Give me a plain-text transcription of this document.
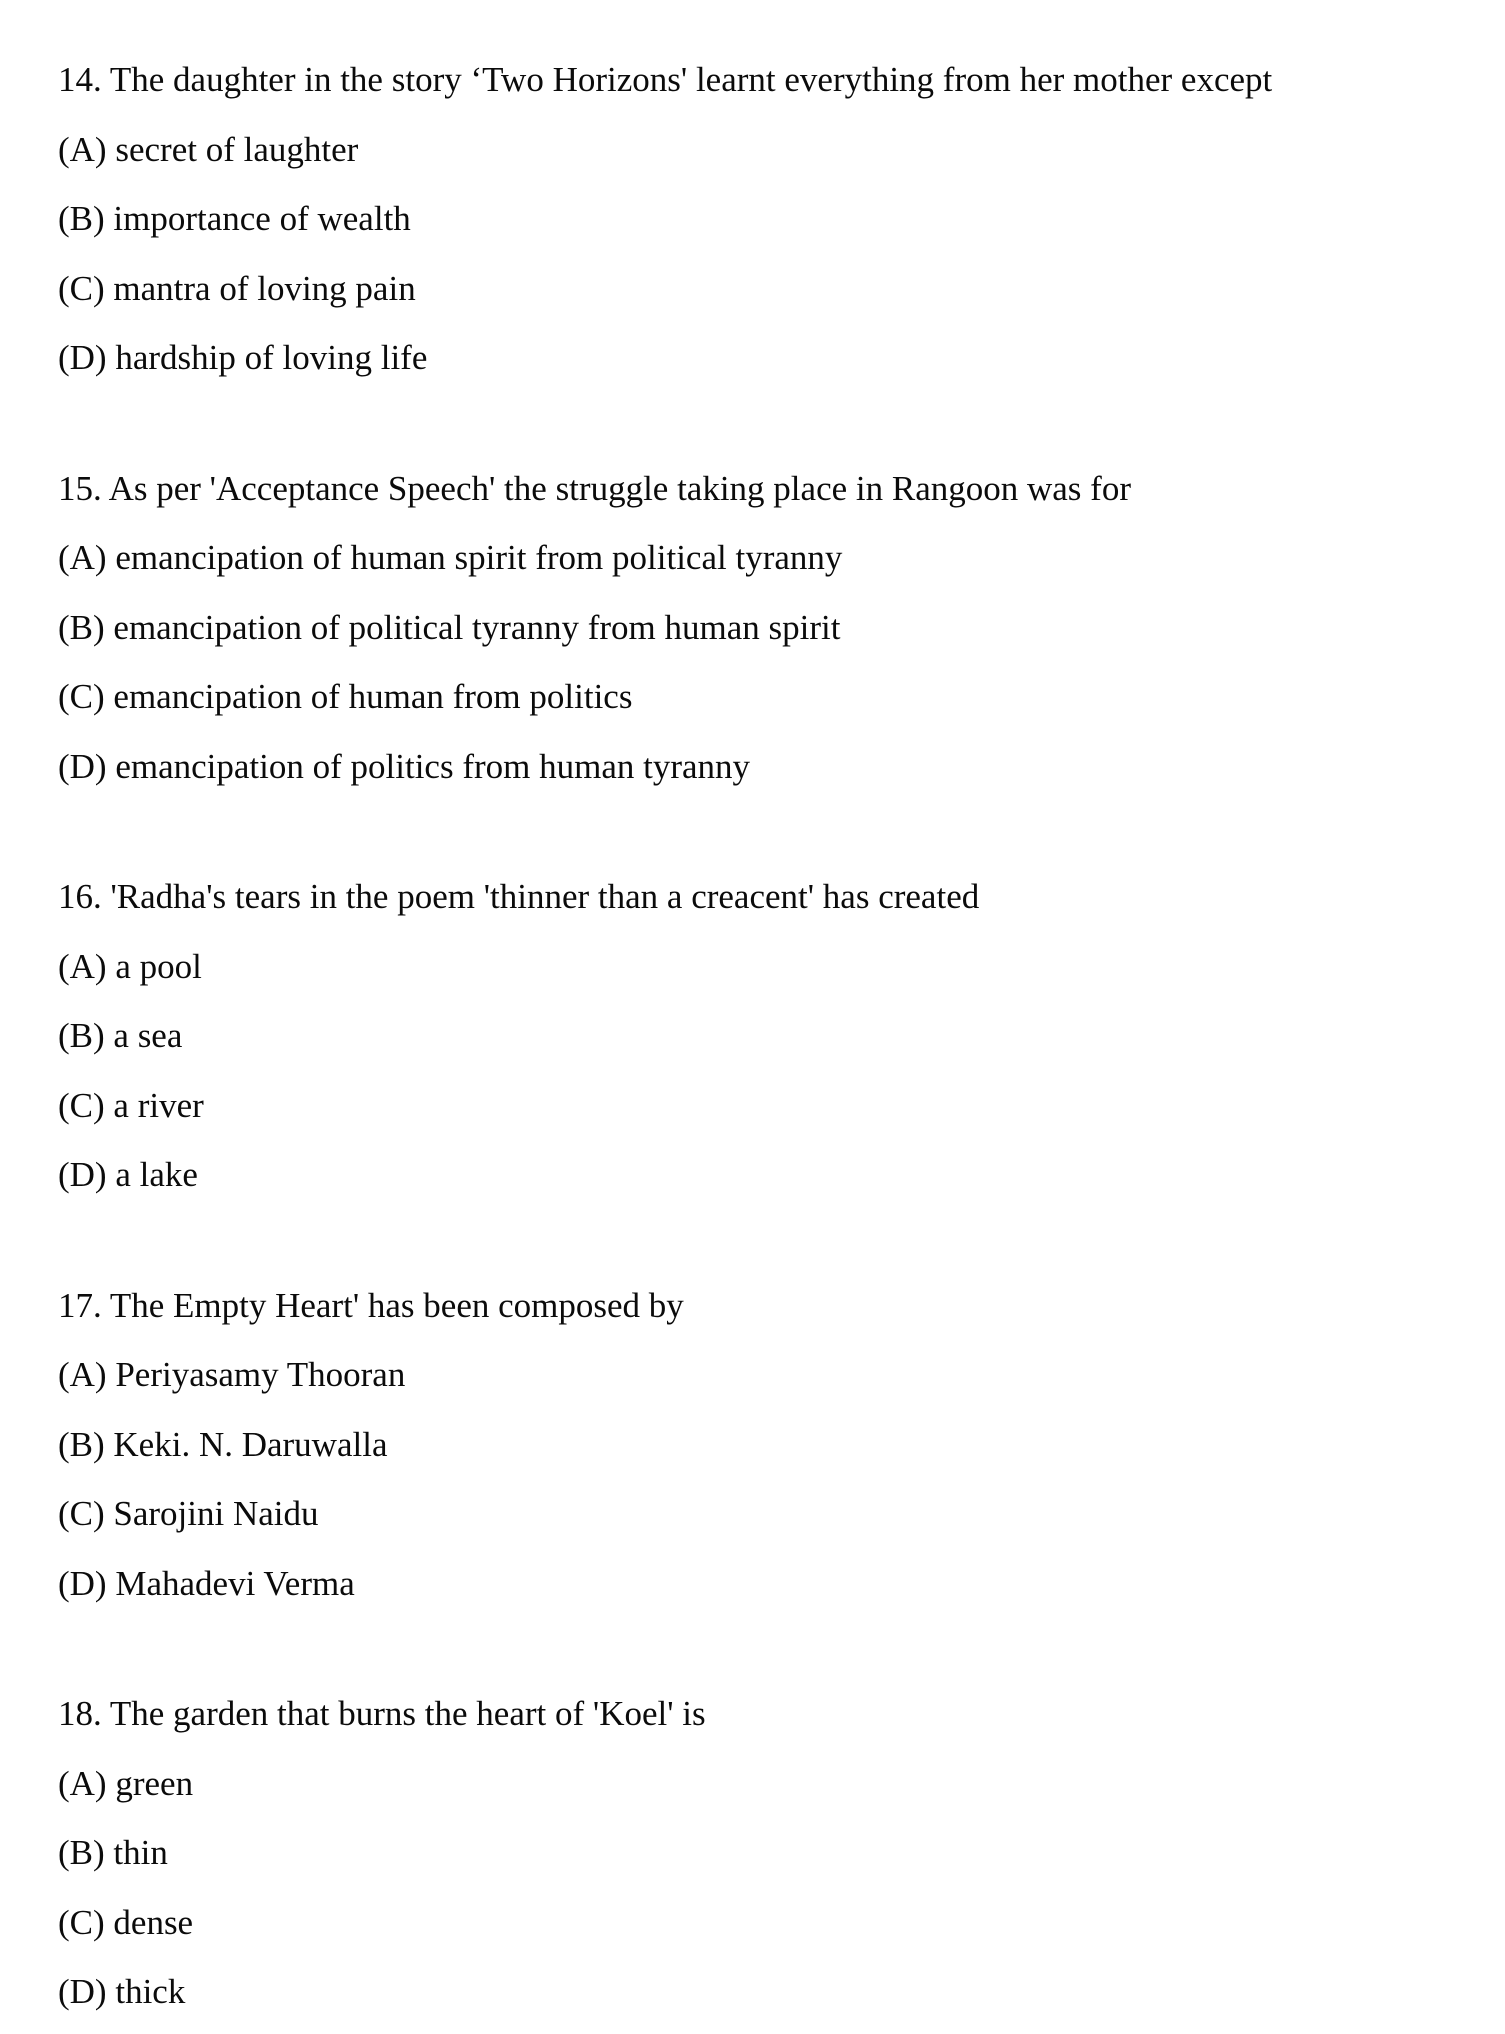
14. The daughter in the story ‘Two Horizons' learnt everything from her mother except
(A) secret of laughter
(B) importance of wealth
(C) mantra of loving pain
(D) hardship of loving life
15. As per 'Acceptance Speech' the struggle taking place in Rangoon was for
(A) emancipation of human spirit from political tyranny
(B) emancipation of political tyranny from human spirit
(C) emancipation of human from politics
(D) emancipation of politics from human tyranny
16. 'Radha's tears in the poem 'thinner than a creacent' has created
(A) a pool
(B) a sea
(C) a river
(D) a lake
17. The Empty Heart' has been composed by
(A) Periyasamy Thooran
(B) Keki. N. Daruwalla
(C) Sarojini Naidu
(D) Mahadevi Verma
18. The garden that burns the heart of 'Koel' is
(A) green
(B) thin
(C) dense
(D) thick
